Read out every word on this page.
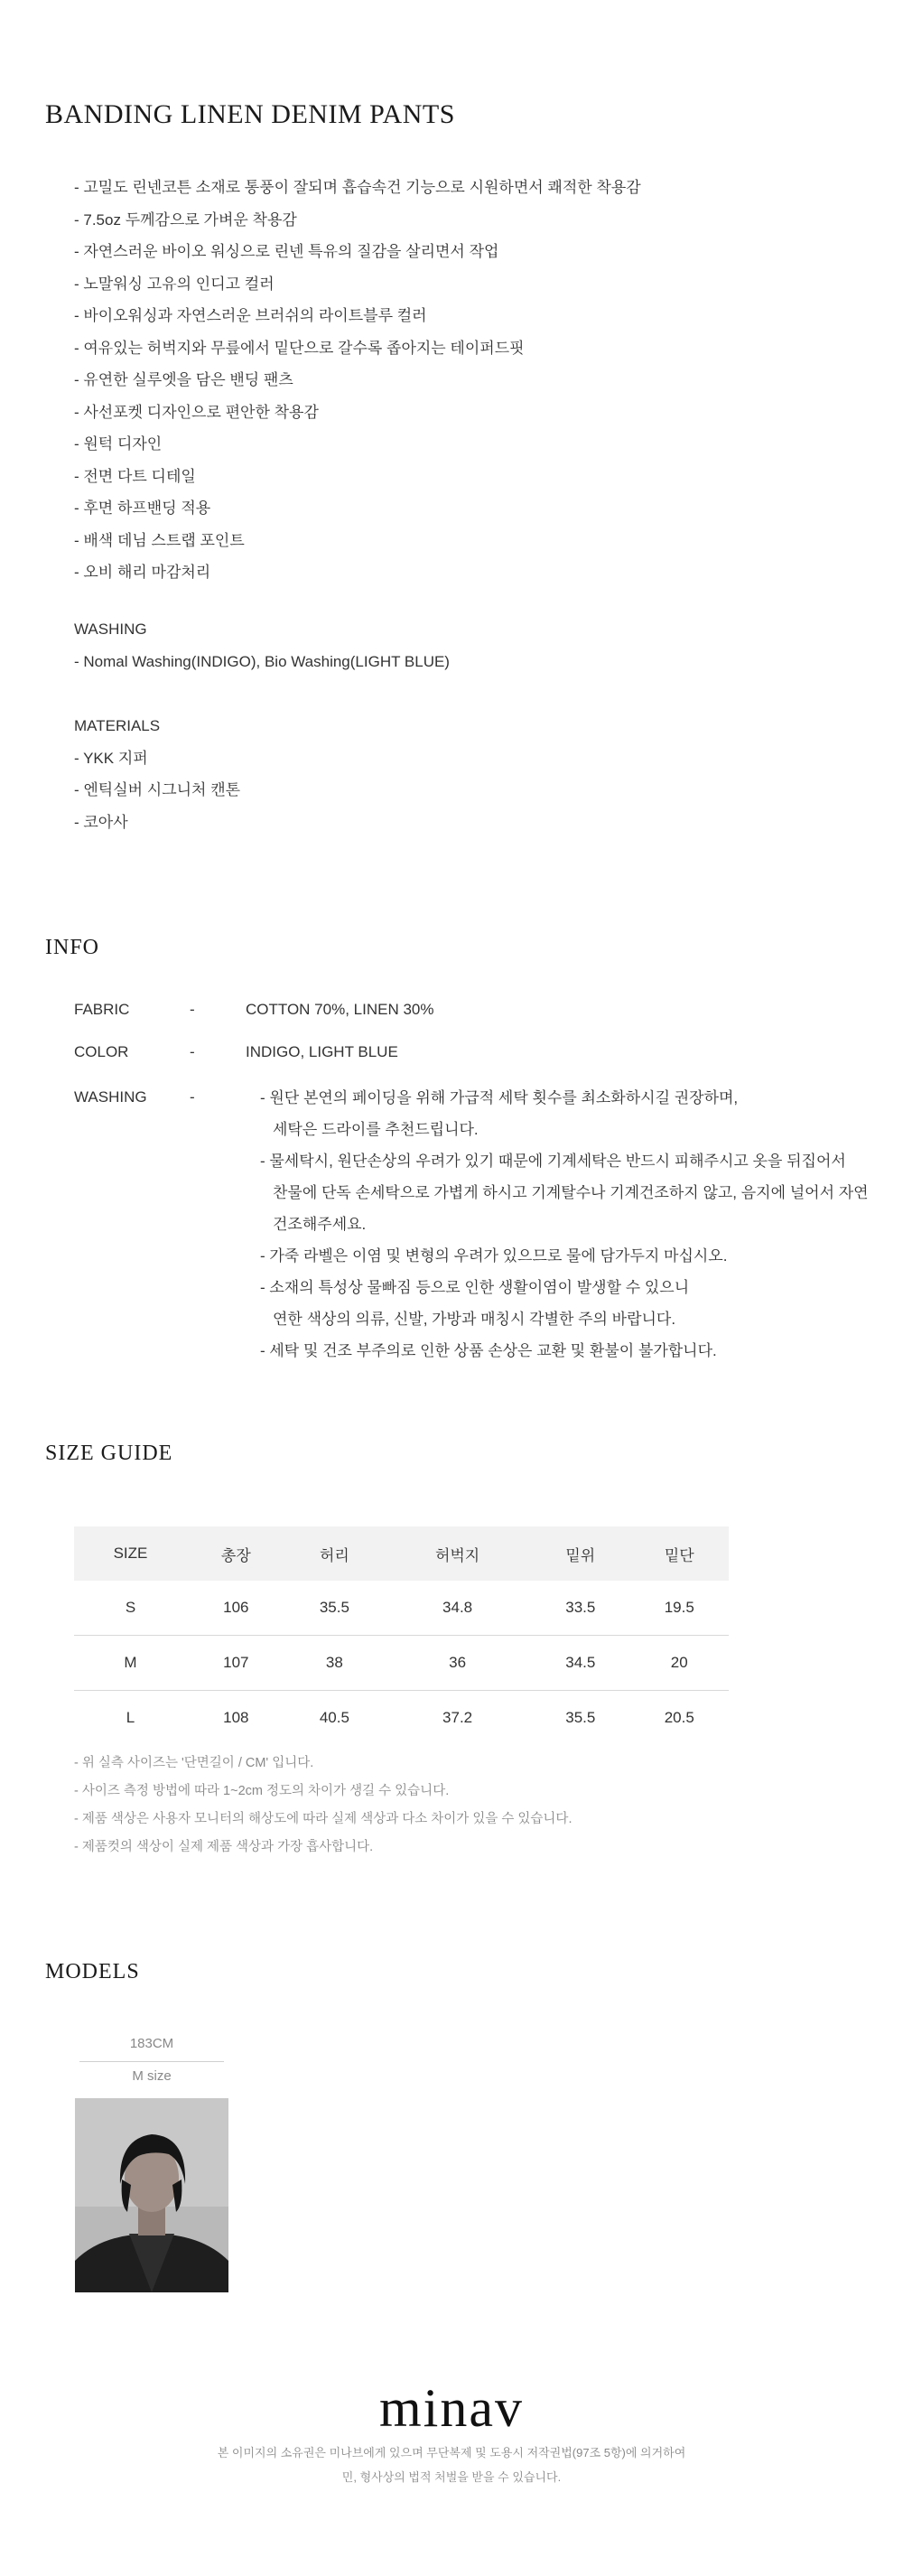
BANDING LINEN DENIM PANTS
- 고밀도 린넨코튼 소재로 통풍이 잘되며 흡습속건 기능으로 시원하면서 쾌적한 착용감
- 7.5oz 두께감으로 가벼운 착용감
- 자연스러운 바이오 워싱으로 린넨 특유의 질감을 살리면서 작업
- 노말워싱 고유의 인디고 컬러
- 바이오워싱과 자연스러운 브러쉬의 라이트블루 컬러
- 여유있는 허벅지와 무릎에서 밑단으로 갈수록 좁아지는 테이퍼드핏
- 유연한 실루엣을 담은 밴딩 팬츠
- 사선포켓 디자인으로 편안한 착용감
- 원턱 디자인
- 전면 다트 디테일
- 후면 하프밴딩 적용
- 배색 데님 스트랩 포인트
- 오비 해리 마감처리
WASHING
- Nomal Washing(INDIGO), Bio Washing(LIGHT BLUE)
MATERIALS
- YKK 지퍼
- 엔틱실버 시그니처 캔톤
- 코아사
INFO
FABRIC	-	COTTON 70%, LINEN 30%
COLOR	-	INDIGO, LIGHT BLUE
WASHING	-	- 원단 본연의 페이딩을 위해 가급적 세탁 횟수를 최소화하시길 권장하며,
세탁은 드라이를 추천드립니다.
- 물세탁시, 원단손상의 우려가 있기 때문에 기계세탁은 반드시 피해주시고 옷을 뒤집어서
찬물에 단독 손세탁으로 가볍게 하시고 기계탈수나 기계건조하지 않고, 음지에 널어서 자연건조해주세요.
- 가죽 라벨은 이염 및 변형의 우려가 있으므로 물에 담가두지 마십시오.
- 소재의 특성상 물빠짐 등으로 인한 생활이염이 발생할 수 있으니
연한 색상의 의류, 신발, 가방과 매칭시 각별한 주의 바랍니다.
- 세탁 및 건조 부주의로 인한 상품 손상은 교환 및 환불이 불가합니다.
SIZE GUIDE
SIZE	총장	허리	허벅지	밑위	밑단
S	106	35.5	34.8	33.5	19.5
M	107	38	36	34.5	20
L	108	40.5	37.2	35.5	20.5
- 위 실측 사이즈는 '단면길이 / CM' 입니다.
- 사이즈 측정 방법에 따라 1~2cm 정도의 차이가 생길 수 있습니다.
- 제품 색상은 사용자 모니터의 해상도에 따라 실제 색상과 다소 차이가 있을 수 있습니다.
- 제품컷의 색상이 실제 제품 색상과 가장 흡사합니다.
MODELS
183CM
M size
minav
본 이미지의 소유권은 미나브에게 있으며 무단복제 및 도용시 저작권법(97조 5항)에 의거하여
민, 형사상의 법적 처벌을 받을 수 있습니다.
